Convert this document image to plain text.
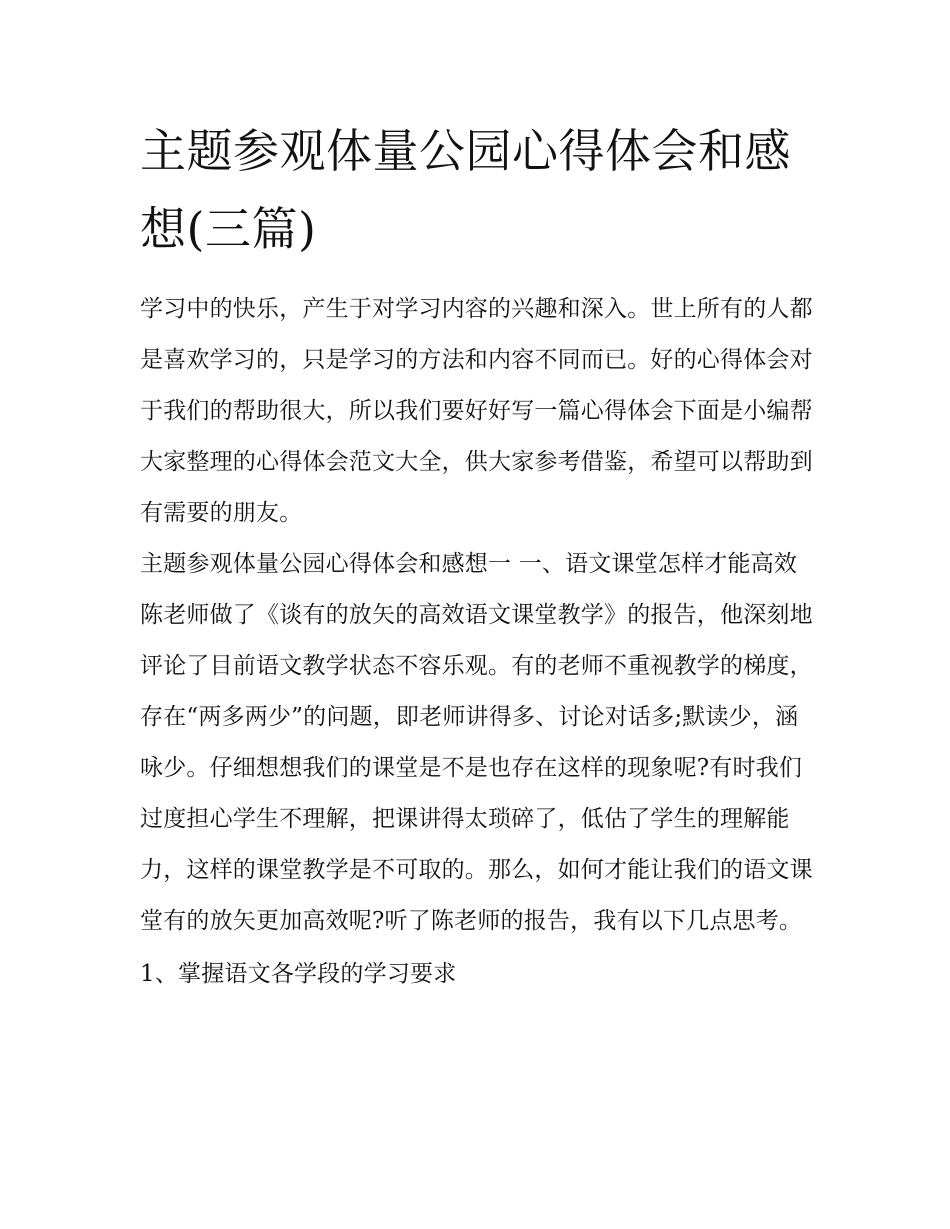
主题参观体量公园心得体会和感想(三篇)

学习中的快乐，产生于对学习内容的兴趣和深入。世上所有的人都是喜欢学习的，只是学习的方法和内容不同而已。好的心得体会对于我们的帮助很大，所以我们要好好写一篇心得体会下面是小编帮大家整理的心得体会范文大全，供大家参考借鉴，希望可以帮助到有需要的朋友。

主题参观体量公园心得体会和感想一 一、语文课堂怎样才能高效

陈老师做了《谈有的放矢的高效语文课堂教学》的报告，他深刻地评论了目前语文教学状态不容乐观。有的老师不重视教学的梯度，存在“两多两少”的问题，即老师讲得多、讨论对话多;默读少，涵咏少。仔细想想我们的课堂是不是也存在这样的现象呢?有时我们过度担心学生不理解，把课讲得太琐碎了，低估了学生的理解能力，这样的课堂教学是不可取的。那么，如何才能让我们的语文课堂有的放矢更加高效呢?听了陈老师的报告，我有以下几点思考。

1、掌握语文各学段的学习要求
